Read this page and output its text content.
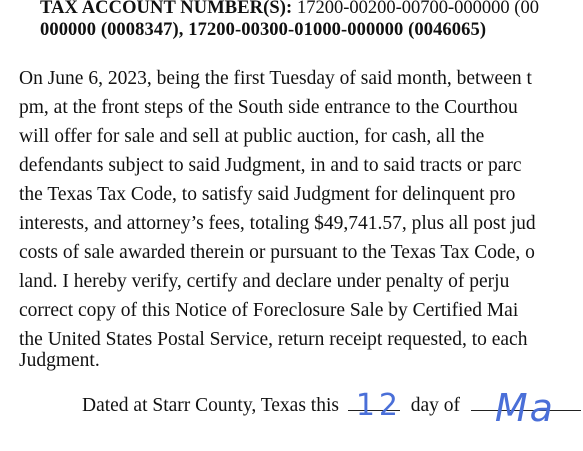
TAX ACCOUNT NUMBER(S): 17200-00200-00700-000000 (00
000000 (0008347), 17200-00300-01000-000000 (0046065)
On June 6, 2023, being the first Tuesday of said month, between t
pm, at the front steps of the South side entrance to the Courthou
will offer for sale and sell at public auction, for cash, all the
defendants subject to said Judgment, in and to said tracts or parc
the Texas Tax Code, to satisfy said Judgment for delinquent pro
interests, and attorney’s fees, totaling $49,741.57, plus all post jud
costs of sale awarded therein or pursuant to the Texas Tax Code, o
land. I hereby verify, certify and declare under penalty of perju
correct copy of this Notice of Foreclosure Sale by Certified Mai
the United States Postal Service, return receipt requested, to each
Judgment.
Dated at Starr County, Texas this 12 day of Ma
